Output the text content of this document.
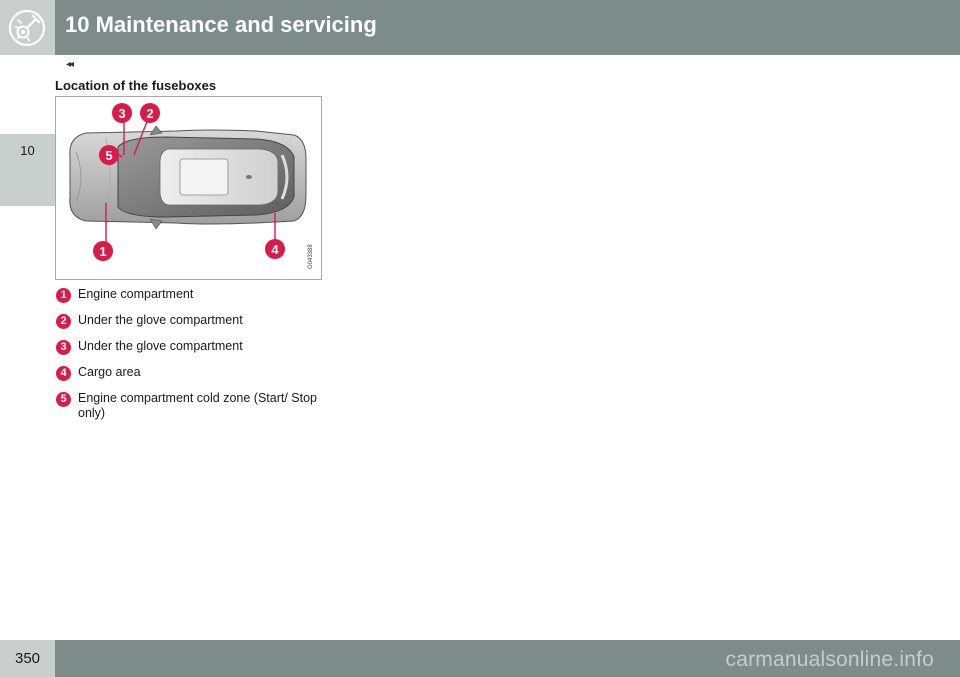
10 Maintenance and servicing
10
◂◂
Location of the fuseboxes
3 2
5
1	4	G043388
1 Engine compartment
2 Under the glove compartment
3 Under the glove compartment
4 Cargo area
5 Engine compartment cold zone (Start/ Stop only)
350	carmanualsonline.info
